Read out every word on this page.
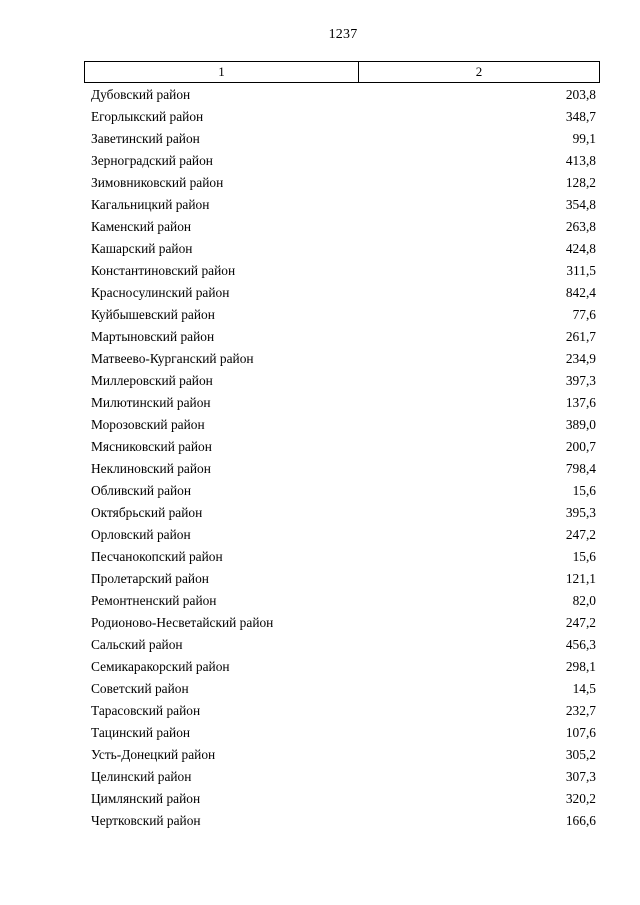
1237
1	2
Дубовский район	203,8
Егорлыкский район	348,7
Заветинский район	99,1
Зерноградский район	413,8
Зимовниковский район	128,2
Кагальницкий район	354,8
Каменский район	263,8
Кашарский район	424,8
Константиновский район	311,5
Красносулинский район	842,4
Куйбышевский район	77,6
Мартыновский район	261,7
Матвеево-Курганский район	234,9
Миллеровский район	397,3
Милютинский район	137,6
Морозовский район	389,0
Мясниковский район	200,7
Неклиновский район	798,4
Обливский район	15,6
Октябрьский район	395,3
Орловский район	247,2
Песчанокопский район	15,6
Пролетарский район	121,1
Ремонтненский район	82,0
Родионово-Несветайский район	247,2
Сальский район	456,3
Семикаракорский район	298,1
Советский район	14,5
Тарасовский район	232,7
Тацинский район	107,6
Усть-Донецкий район	305,2
Целинский район	307,3
Цимлянский район	320,2
Чертковский район	166,6
